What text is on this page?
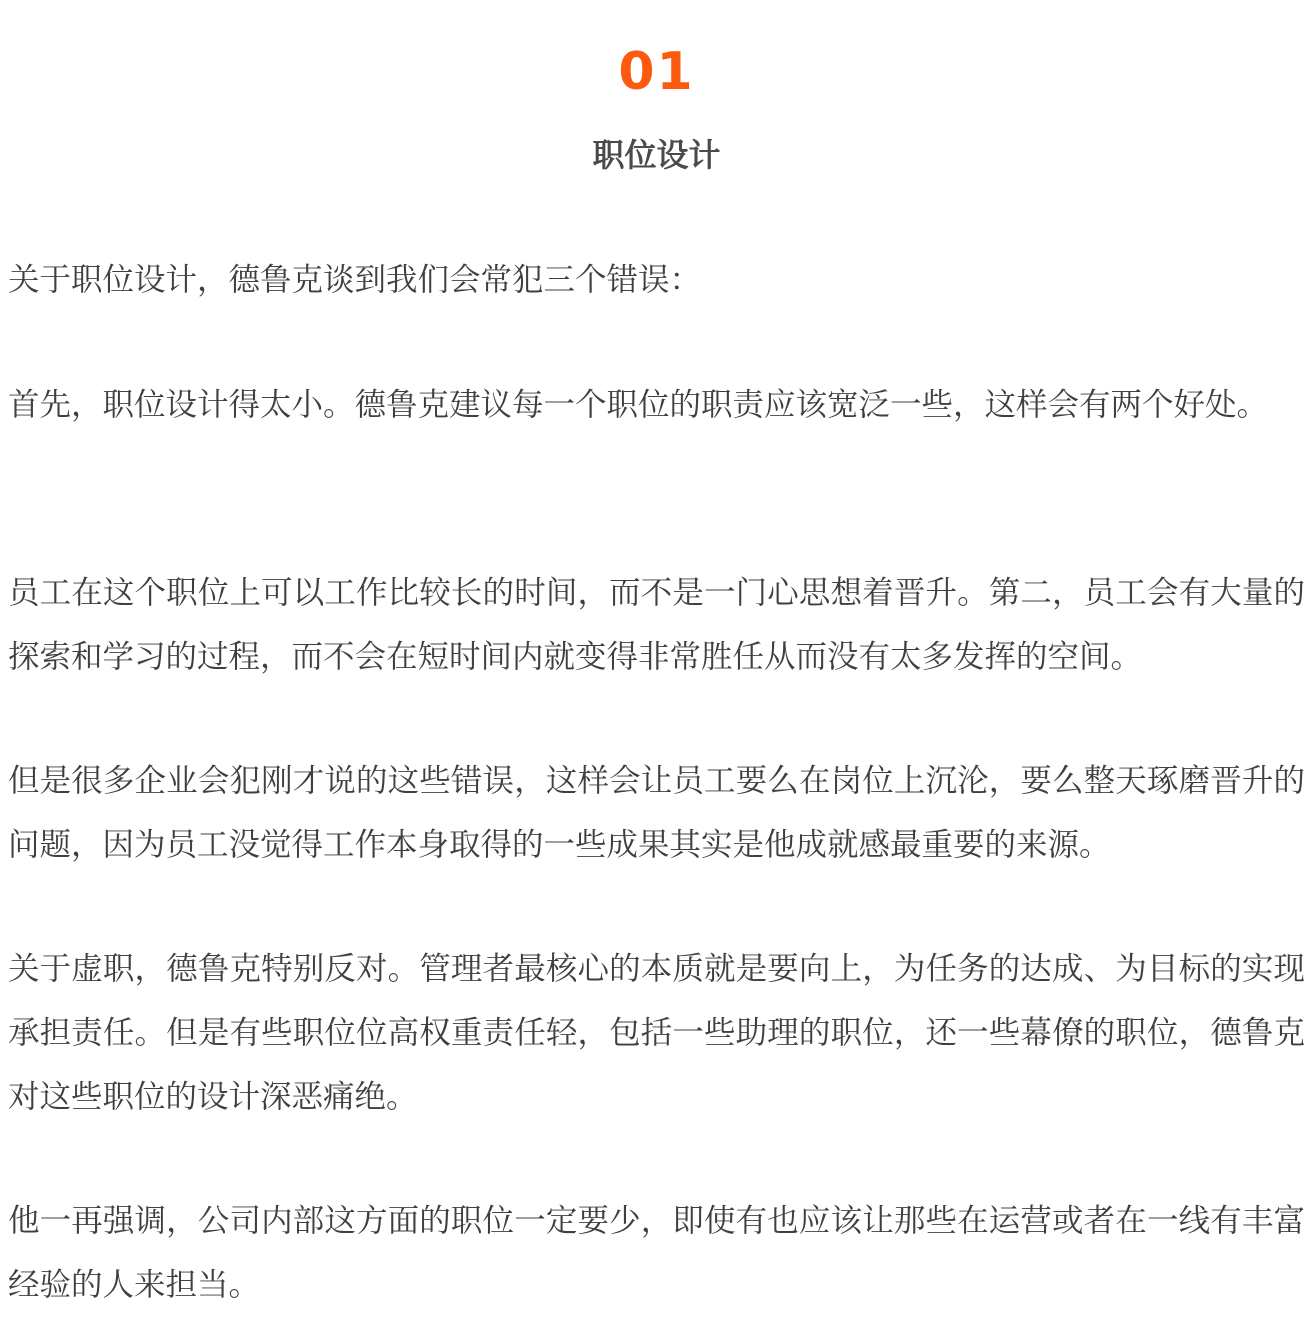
01
职位设计

关于职位设计，德鲁克谈到我们会常犯三个错误：

首先，职位设计得太小。德鲁克建议每一个职位的职责应该宽泛一些，这样会有两个好处。

员工在这个职位上可以工作比较长的时间，而不是一门心思想着晋升。第二，员工会有大量的探索和学习的过程，而不会在短时间内就变得非常胜任从而没有太多发挥的空间。

但是很多企业会犯刚才说的这些错误，这样会让员工要么在岗位上沉沦，要么整天琢磨晋升的问题，因为员工没觉得工作本身取得的一些成果其实是他成就感最重要的来源。

关于虚职，德鲁克特别反对。管理者最核心的本质就是要向上，为任务的达成、为目标的实现承担责任。但是有些职位位高权重责任轻，包括一些助理的职位，还一些幕僚的职位，德鲁克对这些职位的设计深恶痛绝。

他一再强调，公司内部这方面的职位一定要少，即使有也应该让那些在运营或者在一线有丰富经验的人来担当。
